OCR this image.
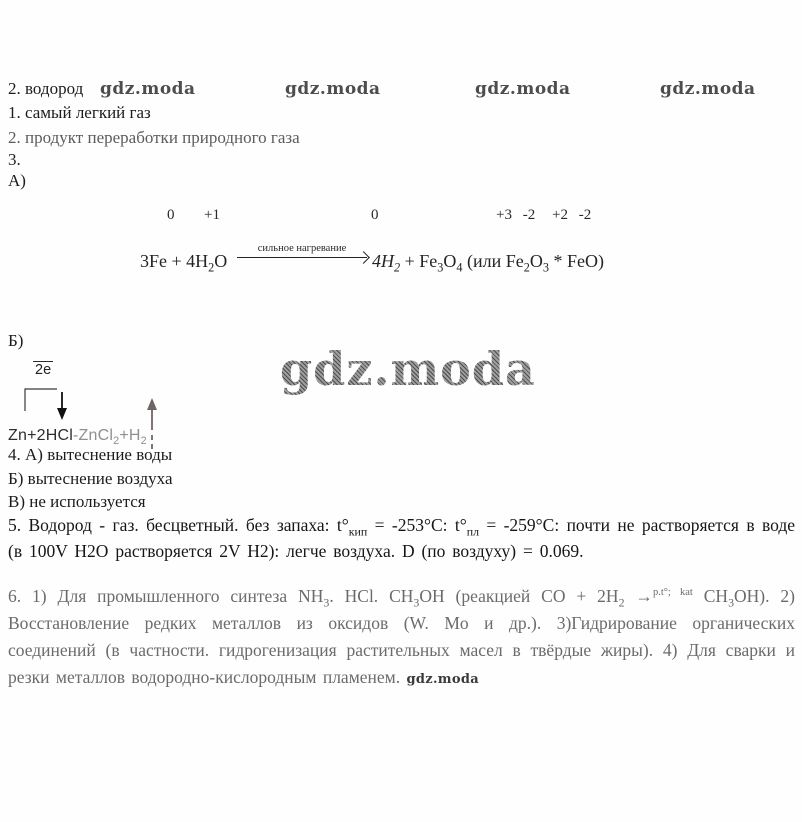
2. водород gdz.moda	gdz.moda	gdz.moda	gdz.moda
1. самый легкий газ
2. продукт переработки природного газа
3.
А)
0 +1	0	+3 -2 +2 -2
$3Fe + 4H_2O$
сильное нагревание
$4H_2 + Fe_3O_4$ (или $Fe_2O_3 * FeO$)
Б)
2e
$Zn+2HCl-ZnCl_2+H_2$
gdz.moda
4. А) вытеснение воды
Б) вытеснение воздуха
В) не используется
5. Водород - газ. бесцветный. без запаха: $t^\circ_{кип} = -253^\circ C$: $t^\circ_{пл} = -259^\circ C$: почти не растворяется в воде (в 100V H2O растворяется 2V H2): легче воздуха. D (по воздуху) = 0.069.
6. 1) Для промышленного синтеза $NH_3$. HCl. $CH_3OH$ (реакцией CO + $2H_2 \to^{p.t^\circ; kat}$ $CH_3OH$). 2) Восстановление редких металлов из оксидов (W. Mo и др.). 3)Гидрирование органических соединений (в частности. гидрогенизация растительных масел в твёрдые жиры). 4) Для сварки и резки металлов водородно-кислородным пламенем. gdz.moda
